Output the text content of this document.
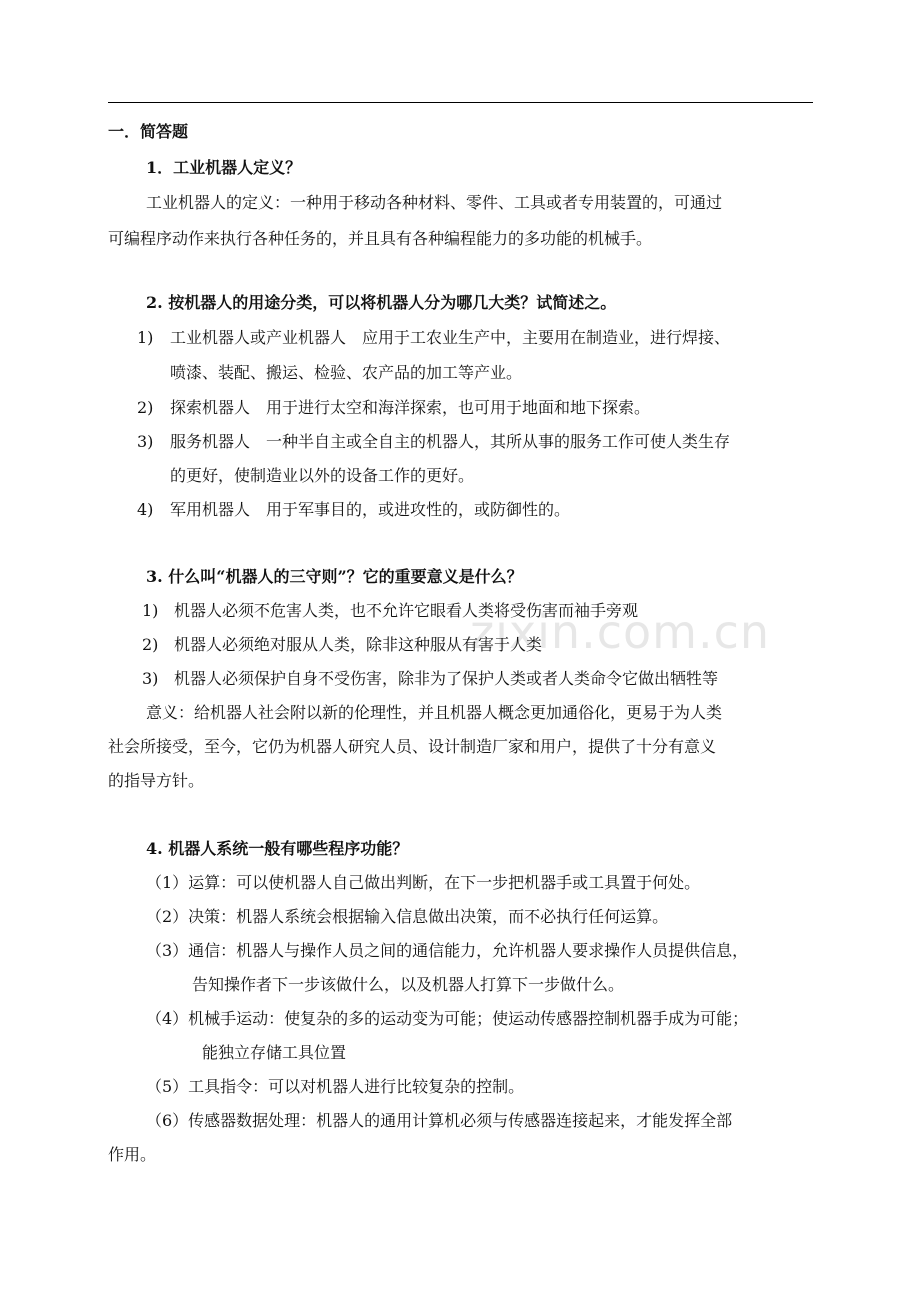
zixin.com.cn
一．简答题
1．工业机器人定义？
工业机器人的定义：一种用于移动各种材料、零件、工具或者专用装置的，可通过
可编程序动作来执行各种任务的，并且具有各种编程能力的多功能的机械手。
2. 按机器人的用途分类，可以将机器人分为哪几大类？试简述之。
1) 工业机器人或产业机器人　应用于工农业生产中，主要用在制造业，进行焊接、
喷漆、装配、搬运、检验、农产品的加工等产业。
2) 探索机器人　用于进行太空和海洋探索，也可用于地面和地下探索。
3) 服务机器人　一种半自主或全自主的机器人，其所从事的服务工作可使人类生存
的更好，使制造业以外的设备工作的更好。
4) 军用机器人　用于军事目的，或进攻性的，或防御性的。
3. 什么叫“机器人的三守则”？它的重要意义是什么？
1) 机器人必须不危害人类，也不允许它眼看人类将受伤害而袖手旁观
2) 机器人必须绝对服从人类，除非这种服从有害于人类
3) 机器人必须保护自身不受伤害，除非为了保护人类或者人类命令它做出牺牲等
意义：给机器人社会附以新的伦理性，并且机器人概念更加通俗化，更易于为人类
社会所接受，至今，它仍为机器人研究人员、设计制造厂家和用户，提供了十分有意义
的指导方针。
4. 机器人系统一般有哪些程序功能？
（1）运算：可以使机器人自己做出判断，在下一步把机器手或工具置于何处。
（2）决策：机器人系统会根据输入信息做出决策，而不必执行任何运算。
（3）通信：机器人与操作人员之间的通信能力，允许机器人要求操作人员提供信息，
告知操作者下一步该做什么，以及机器人打算下一步做什么。
（4）机械手运动：使复杂的多的运动变为可能；使运动传感器控制机器手成为可能；
能独立存储工具位置
（5）工具指令：可以对机器人进行比较复杂的控制。
（6）传感器数据处理：机器人的通用计算机必须与传感器连接起来，才能发挥全部
作用。
